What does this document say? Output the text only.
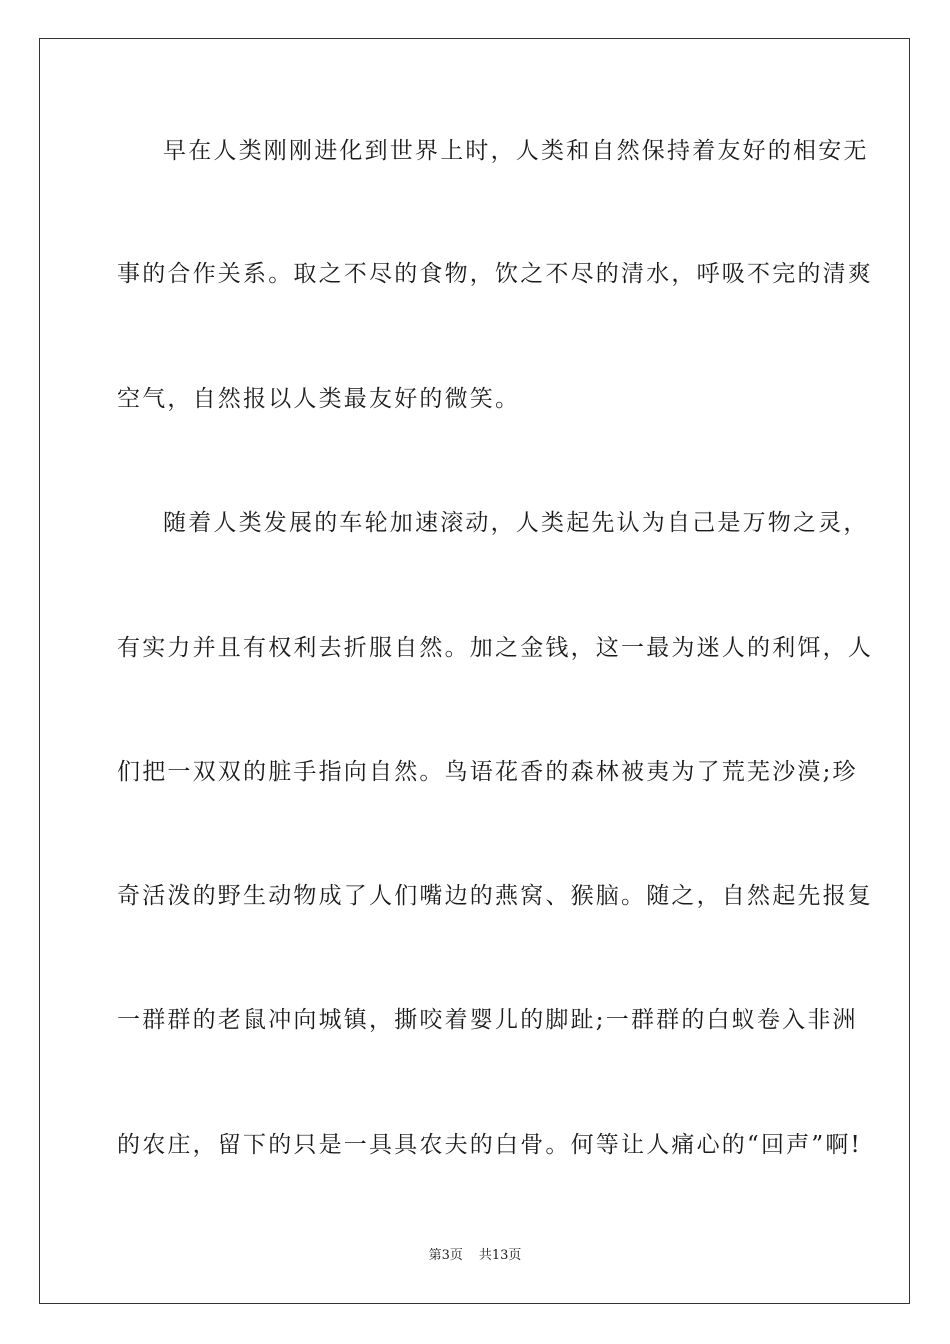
早在人类刚刚进化到世界上时，人类和自然保持着友好的相安无
事的合作关系。取之不尽的食物，饮之不尽的清水，呼吸不完的清爽
空气，自然报以人类最友好的微笑。
随着人类发展的车轮加速滚动，人类起先认为自己是万物之灵，
有实力并且有权利去折服自然。加之金钱，这一最为迷人的利饵，人
们把一双双的脏手指向自然。鸟语花香的森林被夷为了荒芜沙漠;珍
奇活泼的野生动物成了人们嘴边的燕窝、猴脑。随之，自然起先报复
一群群的老鼠冲向城镇，撕咬着婴儿的脚趾;一群群的白蚁卷入非洲
的农庄，留下的只是一具具农夫的白骨。何等让人痛心的“回声”啊!
第3页 共13页
